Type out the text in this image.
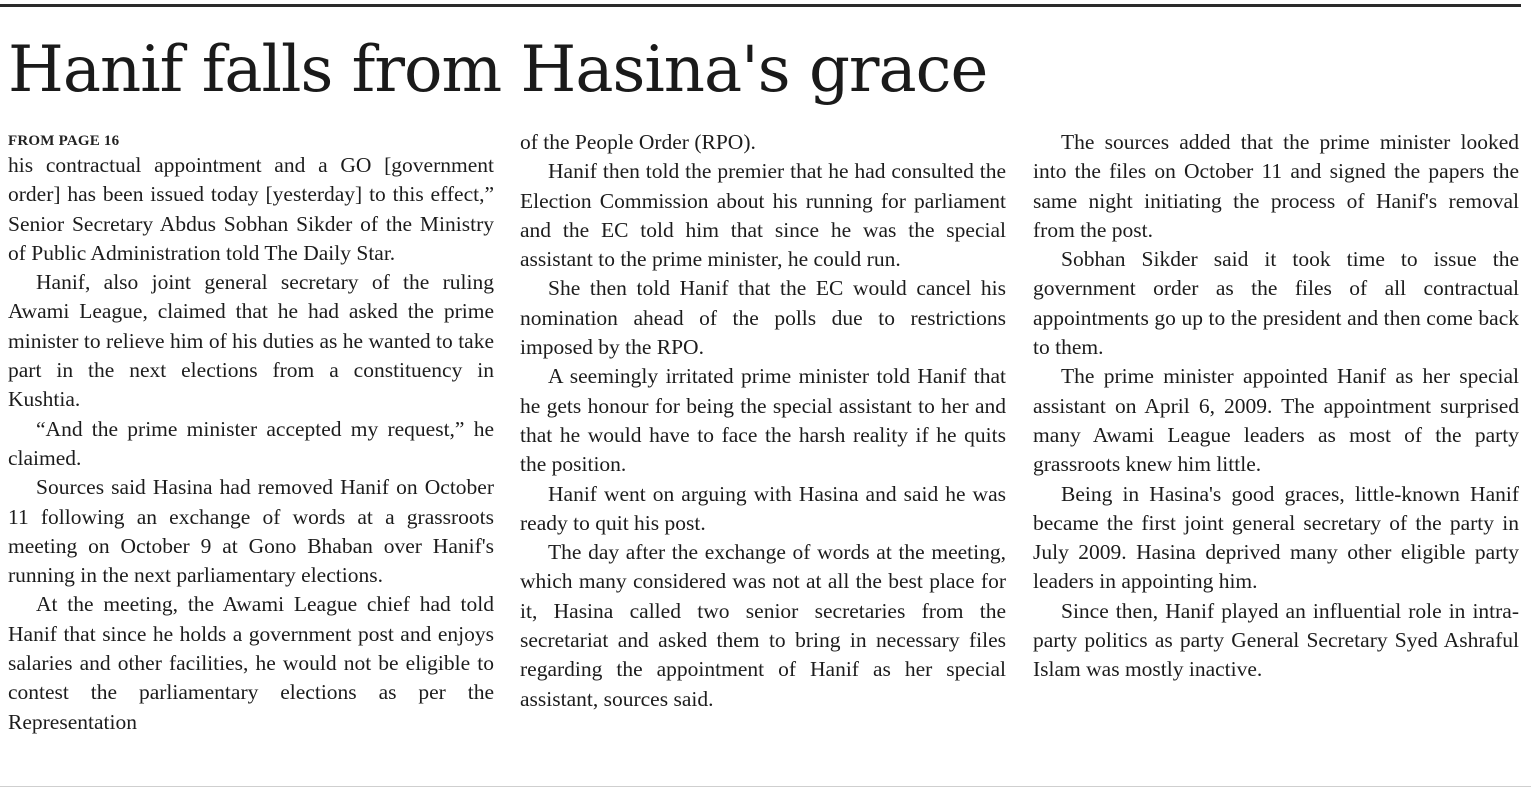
Hanif falls from Hasina's grace
FROM PAGE 16

his contractual appointment and a GO [government order] has been issued today [yesterday] to this effect,” Senior Secretary Abdus Sobhan Sikder of the Ministry of Public Administration told The Daily Star.

Hanif, also joint general secretary of the ruling Awami League, claimed that he had asked the prime minister to relieve him of his duties as he wanted to take part in the next elections from a constituency in Kushtia.

“And the prime minister accepted my request,” he claimed.

Sources said Hasina had removed Hanif on October 11 following an exchange of words at a grassroots meeting on October 9 at Gono Bhaban over Hanif's running in the next parliamentary elections.

At the meeting, the Awami League chief had told Hanif that since he holds a government post and enjoys salaries and other facilities, he would not be eligible to contest the parliamentary elections as per the Representation

of the People Order (RPO).

Hanif then told the premier that he had consulted the Election Commission about his running for parliament and the EC told him that since he was the special assistant to the prime minister, he could run.

She then told Hanif that the EC would cancel his nomination ahead of the polls due to restrictions imposed by the RPO.

A seemingly irritated prime minister told Hanif that he gets honour for being the special assistant to her and that he would have to face the harsh reality if he quits the position.

Hanif went on arguing with Hasina and said he was ready to quit his post.

The day after the exchange of words at the meeting, which many considered was not at all the best place for it, Hasina called two senior secretaries from the secretariat and asked them to bring in necessary files regarding the appointment of Hanif as her special assistant, sources said.

The sources added that the prime minister looked into the files on October 11 and signed the papers the same night initiating the process of Hanif's removal from the post.

Sobhan Sikder said it took time to issue the government order as the files of all contractual appointments go up to the president and then come back to them.

The prime minister appointed Hanif as her special assistant on April 6, 2009. The appointment surprised many Awami League leaders as most of the party grassroots knew him little.

Being in Hasina's good graces, little-known Hanif became the first joint general secretary of the party in July 2009. Hasina deprived many other eligible party leaders in appointing him.

Since then, Hanif played an influential role in intra-party politics as party General Secretary Syed Ashraful Islam was mostly inactive.
